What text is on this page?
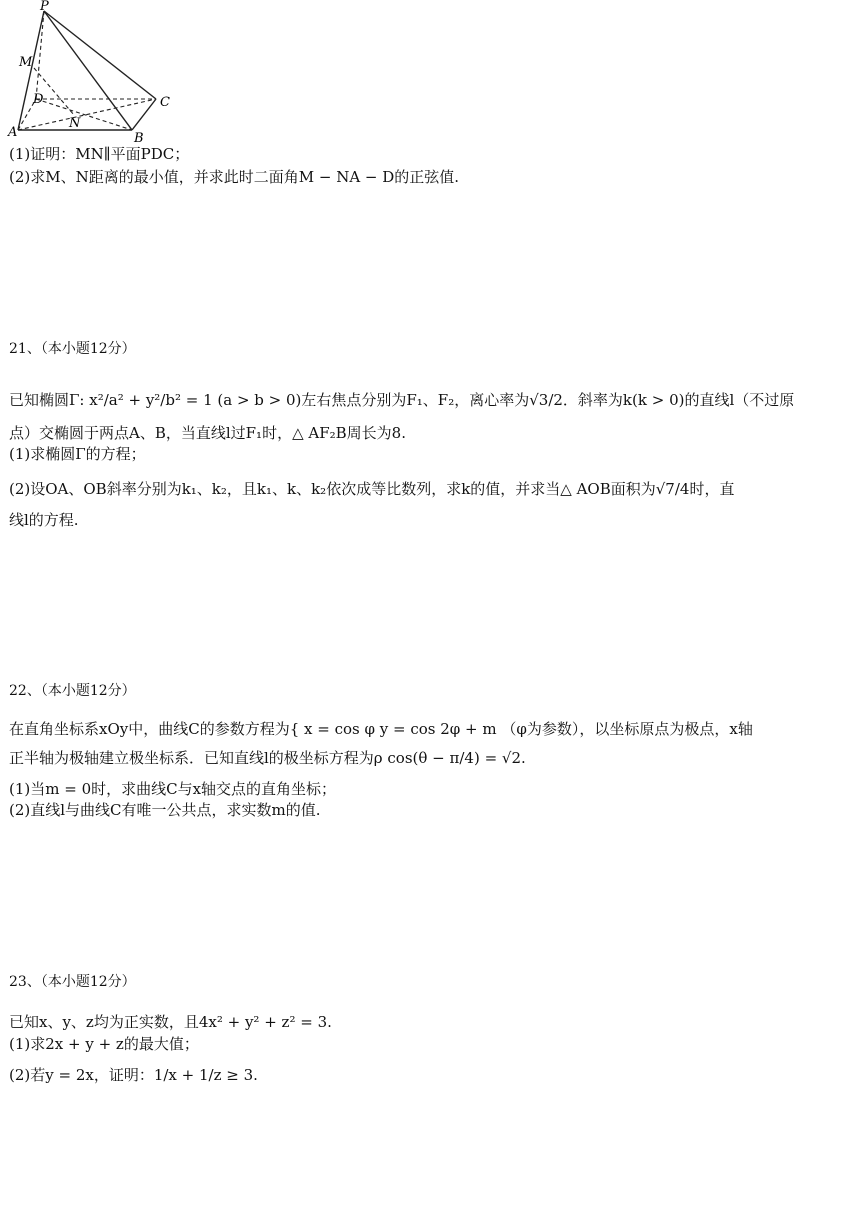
P
M
D	C
A
N
B
(1)证明：MN∥平面PDC；
(2)求M、N距离的最小值，并求此时二面角M − NA − D的正弦值.
21、（本小题12分）
已知椭圆Γ: x²/a² + y²/b² = 1 (a > b > 0)左右焦点分别为F₁、F₂，离心率为√3/2．斜率为k(k > 0)的直线l（不过原
点）交椭圆于两点A、B，当直线l过F₁时，△ AF₂B周长为8.
(1)求椭圆Γ的方程；
(2)设OA、OB斜率分别为k₁、k₂，且k₁、k、k₂依次成等比数列，求k的值，并求当△ AOB面积为√7/4时，直
线l的方程.
22、（本小题12分）
在直角坐标系xOy中，曲线C的参数方程为{ x = cos φ y = cos 2φ + m （φ为参数），以坐标原点为极点，x轴
正半轴为极轴建立极坐标系．已知直线l的极坐标方程为ρ cos(θ − π/4) = √2.
(1)当m = 0时，求曲线C与x轴交点的直角坐标；
(2)直线l与曲线C有唯一公共点，求实数m的值.
23、（本小题12分）
已知x、y、z均为正实数，且4x² + y² + z² = 3.
(1)求2x + y + z的最大值；
(2)若y = 2x，证明：1/x + 1/z ≥ 3.
